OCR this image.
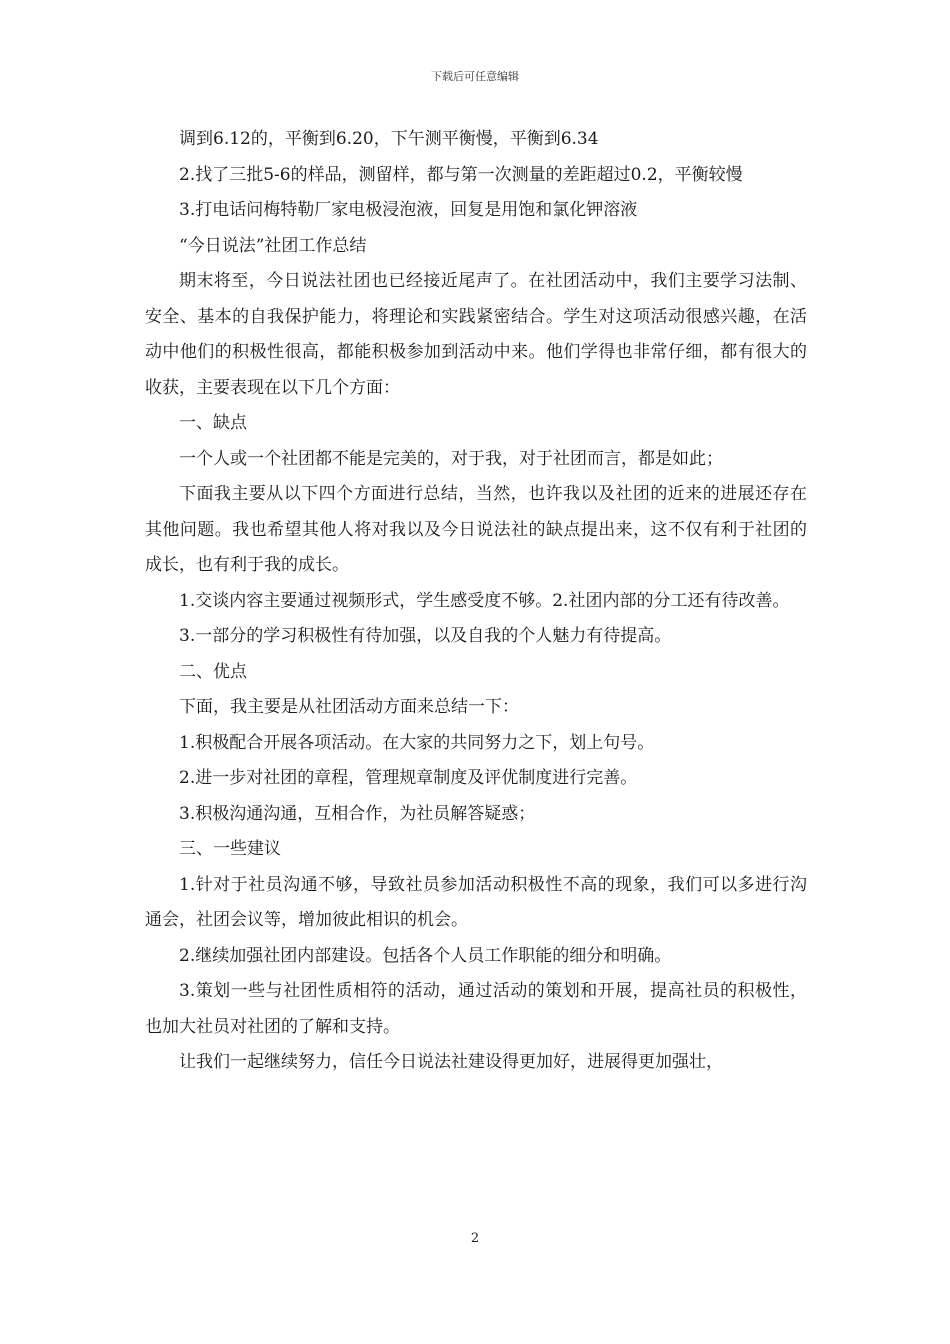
下载后可任意编辑

调到6.12的，平衡到6.20，下午测平衡慢，平衡到6.34

2.找了三批5-6的样品，测留样，都与第一次测量的差距超过0.2，平衡较慢

3.打电话问梅特勒厂家电极浸泡液，回复是用饱和氯化钾溶液

“今日说法”社团工作总结

期末将至，今日说法社团也已经接近尾声了。在社团活动中，我们主要学习法制、安全、基本的自我保护能力，将理论和实践紧密结合。学生对这项活动很感兴趣，在活动中他们的积极性很高，都能积极参加到活动中来。他们学得也非常仔细，都有很大的收获，主要表现在以下几个方面：

一、缺点

一个人或一个社团都不能是完美的，对于我，对于社团而言，都是如此；

下面我主要从以下四个方面进行总结，当然，也许我以及社团的近来的进展还存在其他问题。我也希望其他人将对我以及今日说法社的缺点提出来，这不仅有利于社团的成长，也有利于我的成长。

1.交谈内容主要通过视频形式，学生感受度不够。2.社团内部的分工还有待改善。

3.一部分的学习积极性有待加强，以及自我的个人魅力有待提高。

二、优点

下面，我主要是从社团活动方面来总结一下：

1.积极配合开展各项活动。在大家的共同努力之下，划上句号。

2.进一步对社团的章程，管理规章制度及评优制度进行完善。

3.积极沟通沟通，互相合作，为社员解答疑惑；

三、一些建议

1.针对于社员沟通不够，导致社员参加活动积极性不高的现象，我们可以多进行沟通会，社团会议等，增加彼此相识的机会。

2.继续加强社团内部建设。包括各个人员工作职能的细分和明确。

3.策划一些与社团性质相符的活动，通过活动的策划和开展，提高社员的积极性，也加大社员对社团的了解和支持。

让我们一起继续努力，信任今日说法社建设得更加好，进展得更加强壮，

2
